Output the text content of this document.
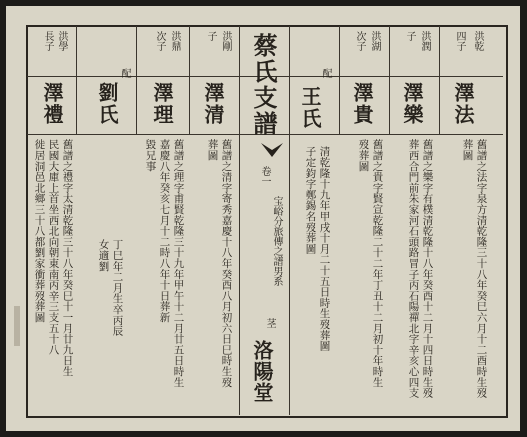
蔡氏支譜
卷一
宝峪分旅傳之譜男系
茎
洛陽堂
洪學
長子
澤禮
舊譜之禮字太清乾隆三十八年癸巳十一月廿九日生
民國大庫上首坐西北向朝東南丙辛三支五十八
徙居洞邑北鄉三十八都劉家衝葬歿葬圖
配
劉氏
丁巳年二月生卒丙辰
女適劉
洪鼎
次子
澤理
舊譜之理字甫賢乾隆三十九年甲午十二月廿五日時生
嘉慶八年癸亥七月十二時八年十日葬新
毀兄事
洪剛
子
澤清
舊譜之清字寄秀嘉慶十八年癸酉八月初六日巳時生歿
葬圖
配
王氏
清乾隆十九年甲戌十月二十五日時生歿葬圖
子定鈞字鄭錫名歿葬圖
洪湖
次子
澤貴
舊譜之貴字賢宣乾隆二十二年丁丑十二月初十年時生
歿葬圖
洪潤
子
澤樂
舊譜之樂字有樸清乾隆十八年癸酉十二月十四日時生歿
葬西合門前朱家河石頭路冒子丙石陽禪北字辛亥心四支
洪乾
四子
澤法
舊譜之法字泉方清乾隆三十八年癸巳六月十二酉時生歿
葬圖
